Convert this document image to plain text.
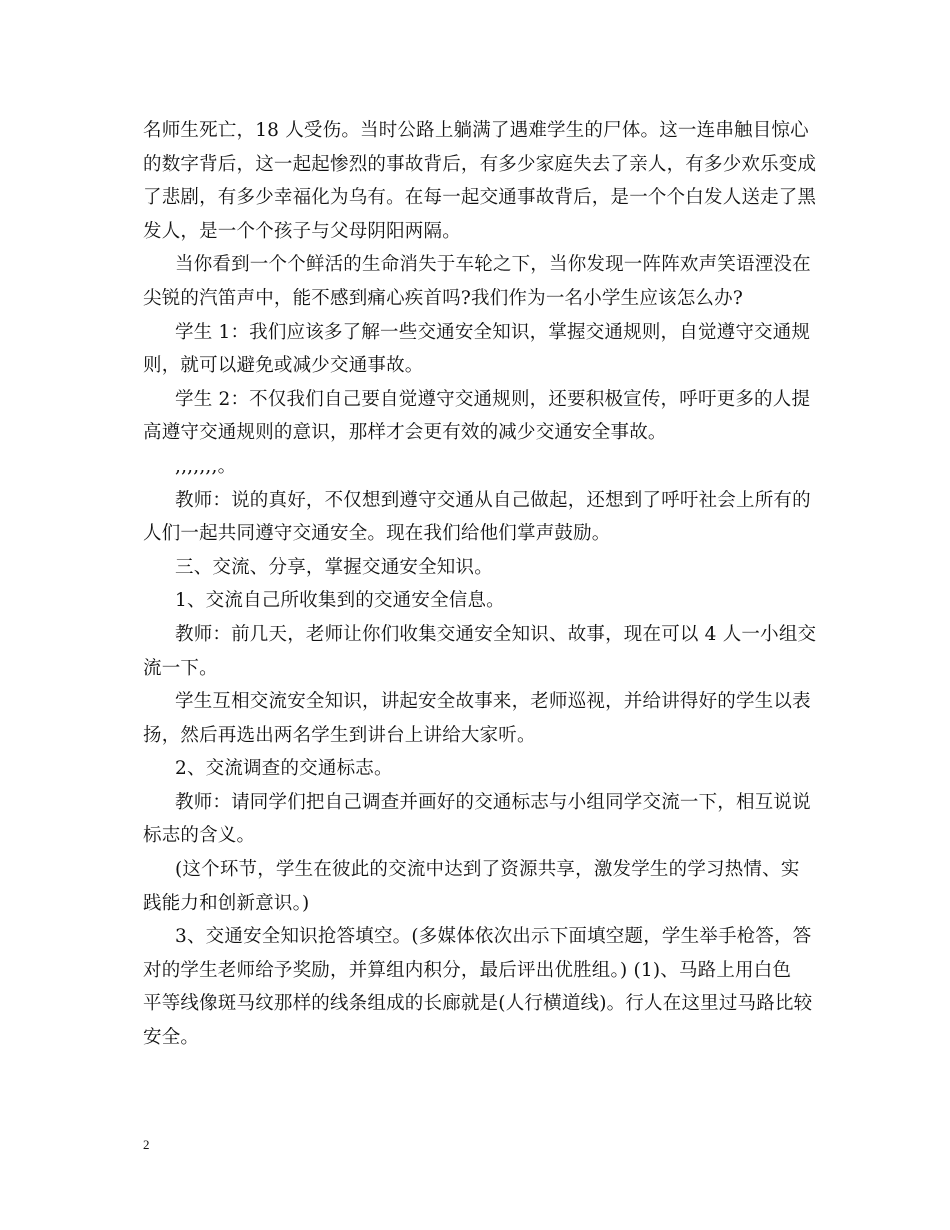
名师生死亡，18 人受伤。当时公路上躺满了遇难学生的尸体。这一连串触目惊心
的数字背后，这一起起惨烈的事故背后，有多少家庭失去了亲人，有多少欢乐变成
了悲剧，有多少幸福化为乌有。在每一起交通事故背后，是一个个白发人送走了黑
发人，是一个个孩子与父母阴阳两隔。
当你看到一个个鲜活的生命消失于车轮之下，当你发现一阵阵欢声笑语湮没在
尖锐的汽笛声中，能不感到痛心疾首吗?我们作为一名小学生应该怎么办?
学生 1：我们应该多了解一些交通安全知识，掌握交通规则，自觉遵守交通规
则，就可以避免或减少交通事故。
学生 2：不仅我们自己要自觉遵守交通规则，还要积极宣传，呼吁更多的人提
高遵守交通规则的意识，那样才会更有效的减少交通安全事故。
,,,,,,,。
教师：说的真好，不仅想到遵守交通从自己做起，还想到了呼吁社会上所有的
人们一起共同遵守交通安全。现在我们给他们掌声鼓励。
三、交流、分享，掌握交通安全知识。
1、交流自己所收集到的交通安全信息。
教师：前几天，老师让你们收集交通安全知识、故事，现在可以 4 人一小组交
流一下。
学生互相交流安全知识，讲起安全故事来，老师巡视，并给讲得好的学生以表
扬，然后再选出两名学生到讲台上讲给大家听。
2、交流调查的交通标志。
教师：请同学们把自己调查并画好的交通标志与小组同学交流一下，相互说说
标志的含义。
(这个环节，学生在彼此的交流中达到了资源共享，激发学生的学习热情、实
践能力和创新意识。)
3、交通安全知识抢答填空。(多媒体依次出示下面填空题，学生举手枪答，答
对的学生老师给予奖励，并算组内积分，最后评出优胜组。) (1)、马路上用白色
平等线像斑马纹那样的线条组成的长廊就是(人行横道线)。行人在这里过马路比较
安全。
2
